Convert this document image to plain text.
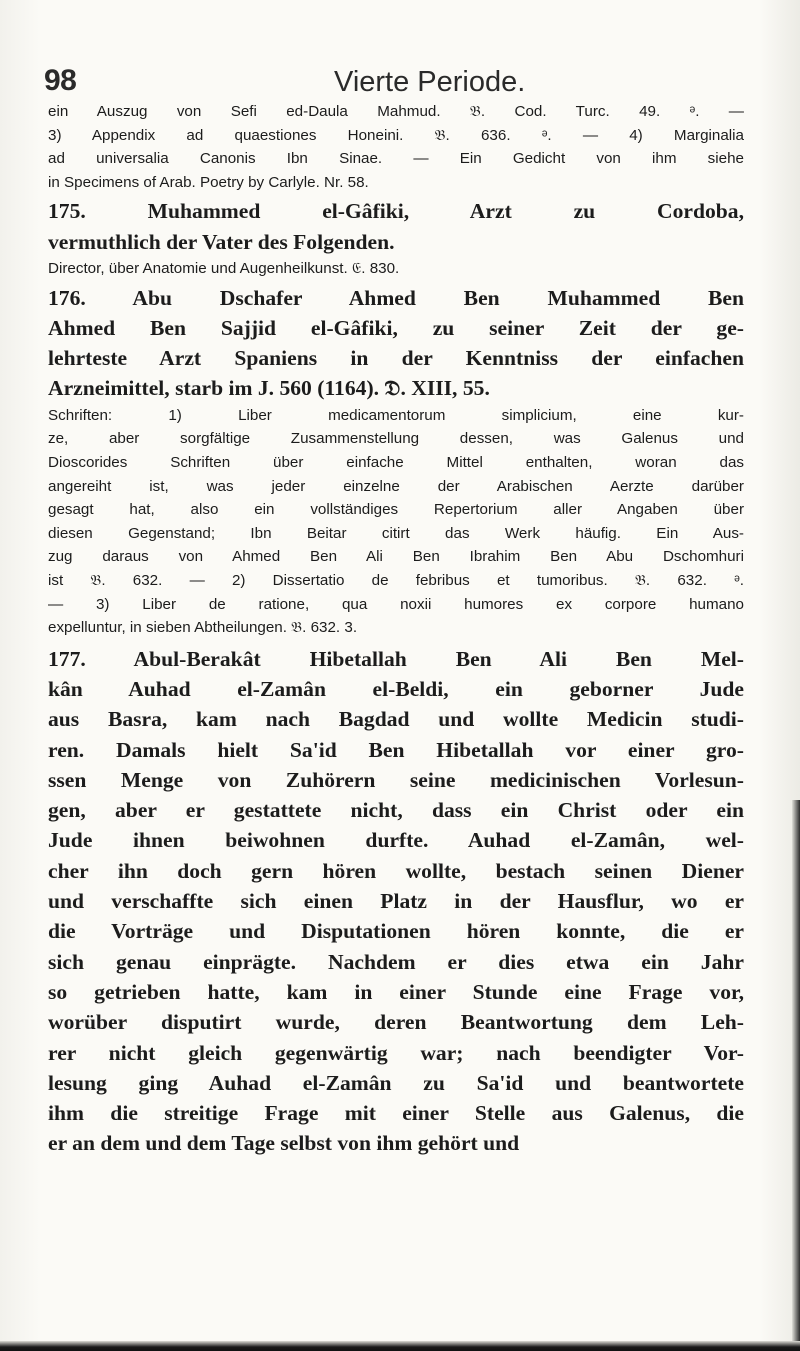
98	Vierte Periode.
ein Auszug von Sefi ed-Daula Mahmud. 𝔅. Cod. Turc. 49. ᵊ. —
3) Appendix ad quaestiones Honeini. 𝔅. 636. ᵊ. — 4) Marginalia
ad universalia Canonis Ibn Sinae. — Ein Gedicht von ihm siehe
in Specimens of Arab. Poetry by Carlyle. Nr. 58.
175. Muhammed el-Gâfiki, Arzt zu Cordoba,
vermuthlich der Vater des Folgenden.
Director, über Anatomie und Augenheilkunst. 𝔈. 830.
176. Abu Dschafer Ahmed Ben Muhammed Ben
Ahmed Ben Sajjid el-Gâfiki, zu seiner Zeit der ge-
lehrteste Arzt Spaniens in der Kenntniss der einfachen
Arzneimittel, starb im J. 560 (1164). 𝔇. XIII, 55.
Schriften: 1) Liber medicamentorum simplicium, eine kur-
ze, aber sorgfältige Zusammenstellung dessen, was Galenus und
Dioscorides Schriften über einfache Mittel enthalten, woran das
angereiht ist, was jeder einzelne der Arabischen Aerzte darüber
gesagt hat, also ein vollständiges Repertorium aller Angaben über
diesen Gegenstand; Ibn Beitar citirt das Werk häufig. Ein Aus-
zug daraus von Ahmed Ben Ali Ben Ibrahim Ben Abu Dschomhuri
ist 𝔅. 632. — 2) Dissertatio de febribus et tumoribus. 𝔅. 632. ᵊ.
— 3) Liber de ratione, qua noxii humores ex corpore humano
expelluntur, in sieben Abtheilungen. 𝔅. 632. 3.
177. Abul-Berakât Hibetallah Ben Ali Ben Mel-
kân Auhad el-Zamân el-Beldi, ein geborner Jude
aus Basra, kam nach Bagdad und wollte Medicin studi-
ren. Damals hielt Sa'id Ben Hibetallah vor einer gro-
ssen Menge von Zuhörern seine medicinischen Vorlesun-
gen, aber er gestattete nicht, dass ein Christ oder ein
Jude ihnen beiwohnen durfte. Auhad el-Zamân, wel-
cher ihn doch gern hören wollte, bestach seinen Diener
und verschaffte sich einen Platz in der Hausflur, wo er
die Vorträge und Disputationen hören konnte, die er
sich genau einprägte. Nachdem er dies etwa ein Jahr
so getrieben hatte, kam in einer Stunde eine Frage vor,
worüber disputirt wurde, deren Beantwortung dem Leh-
rer nicht gleich gegenwärtig war; nach beendigter Vor-
lesung ging Auhad el-Zamân zu Sa'id und beantwortete
ihm die streitige Frage mit einer Stelle aus Galenus, die
er an dem und dem Tage selbst von ihm gehört und
